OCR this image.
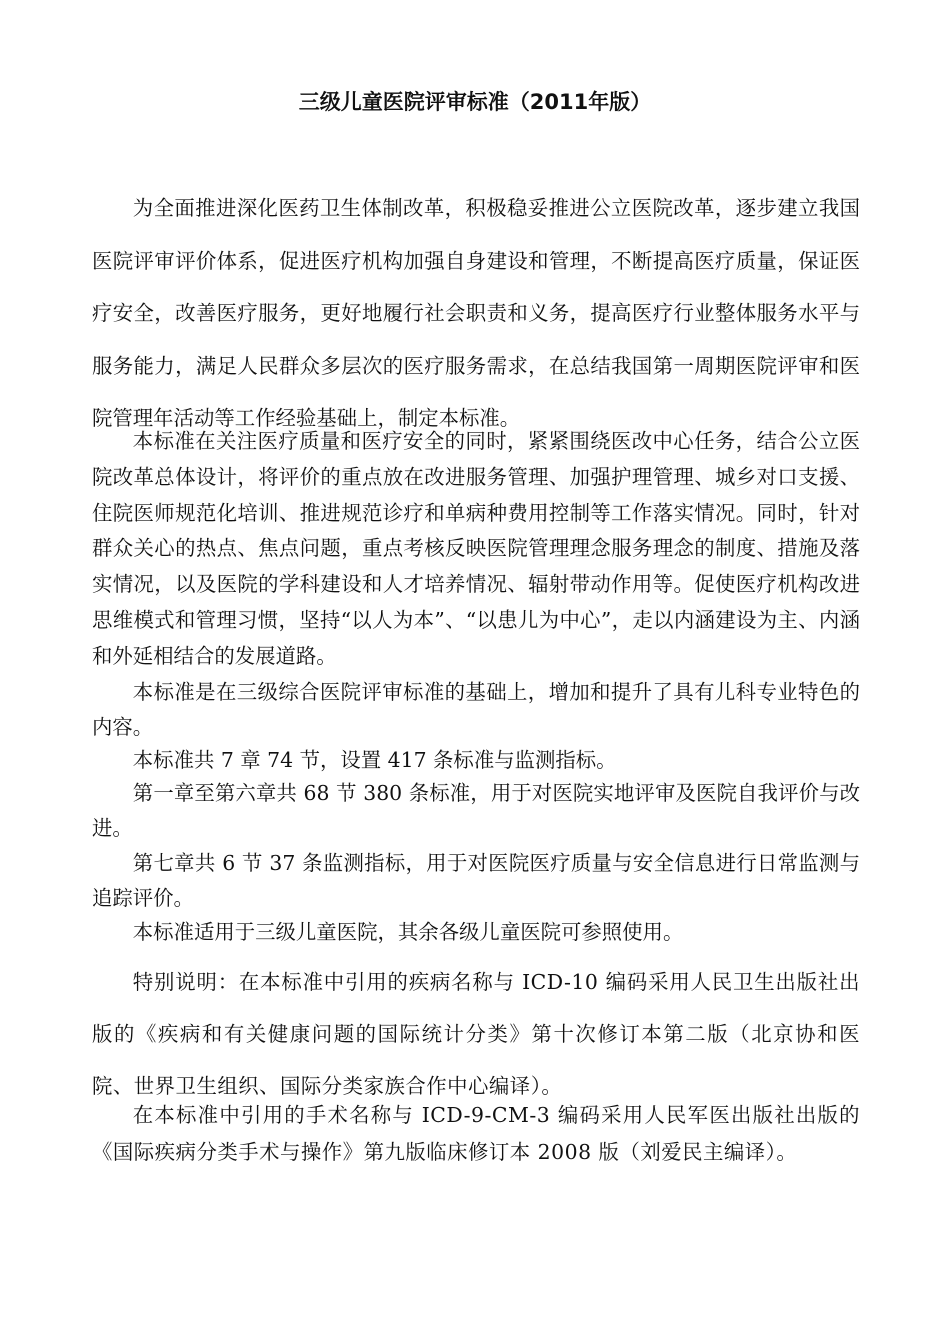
三级儿童医院评审标准（2011年版）

为全面推进深化医药卫生体制改革，积极稳妥推进公立医院改革，逐步建立我国医院评审评价体系，促进医疗机构加强自身建设和管理，不断提高医疗质量，保证医疗安全，改善医疗服务，更好地履行社会职责和义务，提高医疗行业整体服务水平与服务能力，满足人民群众多层次的医疗服务需求，在总结我国第一周期医院评审和医院管理年活动等工作经验基础上，制定本标准。

本标准在关注医疗质量和医疗安全的同时，紧紧围绕医改中心任务，结合公立医院改革总体设计，将评价的重点放在改进服务管理、加强护理管理、城乡对口支援、住院医师规范化培训、推进规范诊疗和单病种费用控制等工作落实情况。同时，针对群众关心的热点、焦点问题，重点考核反映医院管理理念服务理念的制度、措施及落实情况，以及医院的学科建设和人才培养情况、辐射带动作用等。促使医疗机构改进思维模式和管理习惯，坚持“以人为本”、“以患儿为中心”，走以内涵建设为主、内涵和外延相结合的发展道路。

本标准是在三级综合医院评审标准的基础上，增加和提升了具有儿科专业特色的内容。

本标准共 7 章 74 节，设置 417 条标准与监测指标。

第一章至第六章共 68 节 380 条标准，用于对医院实地评审及医院自我评价与改进。

第七章共 6 节 37 条监测指标，用于对医院医疗质量与安全信息进行日常监测与追踪评价。

本标准适用于三级儿童医院，其余各级儿童医院可参照使用。

特别说明：在本标准中引用的疾病名称与 ICD-10 编码采用人民卫生出版社出版的《疾病和有关健康问题的国际统计分类》第十次修订本第二版（北京协和医院、世界卫生组织、国际分类家族合作中心编译）。

在本标准中引用的手术名称与 ICD-9-CM-3 编码采用人民军医出版社出版的《国际疾病分类手术与操作》第九版临床修订本 2008 版（刘爱民主编译）。
